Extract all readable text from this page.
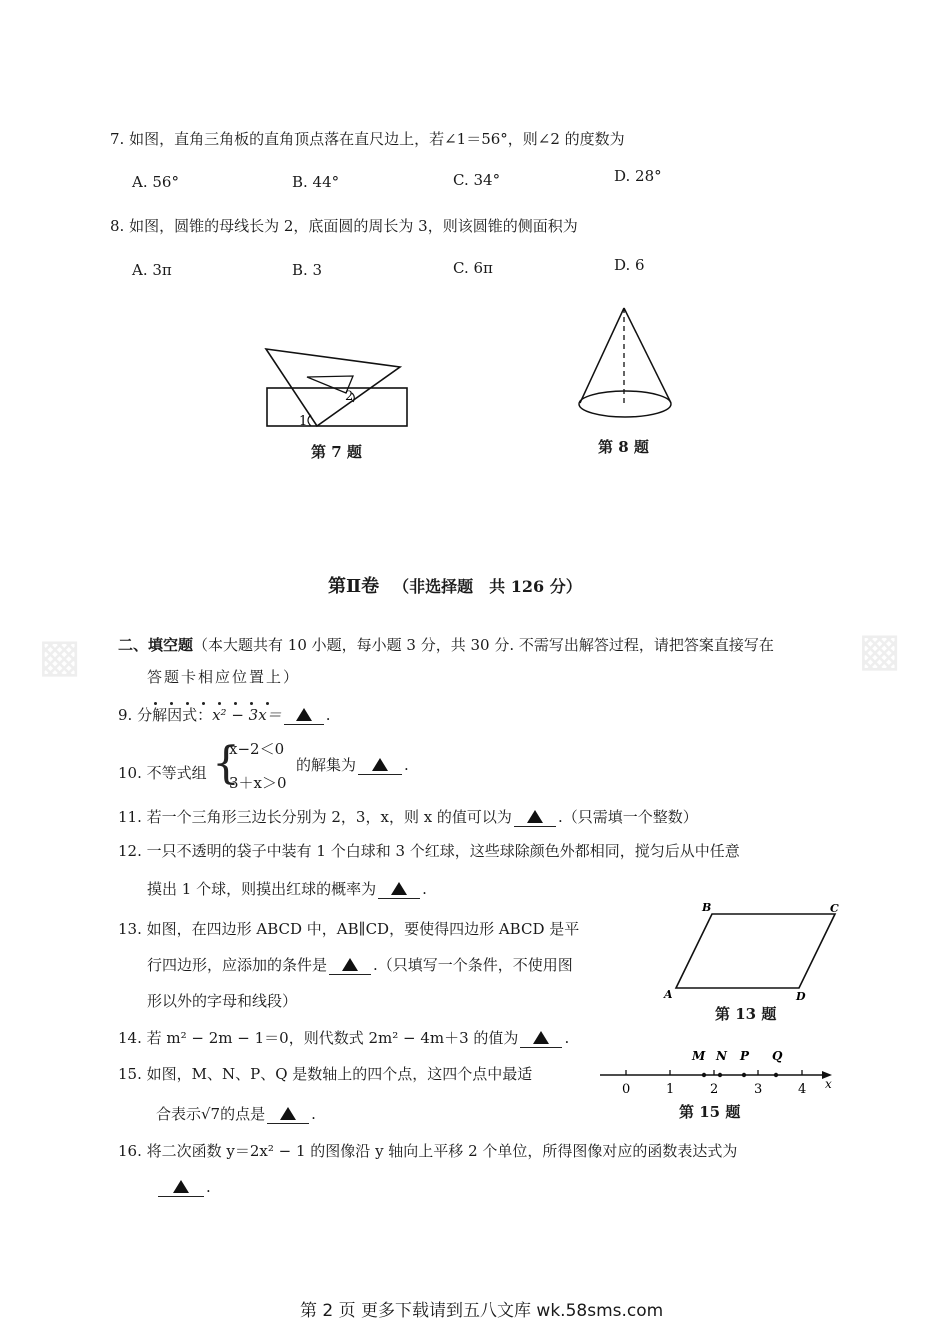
▩	▩
7. 如图，直角三角板的直角顶点落在直尺边上，若∠1＝56°，则∠2 的度数为
A. 56°	B. 44°	C. 34°	D. 28°
8. 如图，圆锥的母线长为 2，底面圆的周长为 3，则该圆锥的侧面积为
A. 3π	B. 3	C. 6π	D. 6
1
2
第 7 题	第 8 题
第Ⅱ卷 （非选择题　共 126 分）
二、填空题（本大题共有 10 小题，每小题 3 分，共 30 分. 不需写出解答过程，请把答案直接写在
答题卡相应位置上）
9. 分解因式：x² − 3x＝	.
10. 不等式组 {
x−2＜0
3＋x＞0
的解集为	.
11. 若一个三角形三边长分别为 2，3，x，则 x 的值可以为	.（只需填一个整数）
12. 一只不透明的袋子中装有 1 个白球和 3 个红球，这些球除颜色外都相同，搅匀后从中任意
摸出 1 个球，则摸出红球的概率为	.
13. 如图，在四边形 ABCD 中，AB∥CD，要使得四边形 ABCD 是平
行四边形，应添加的条件是	.（只填写一个条件，不使用图
形以外的字母和线段）
B	C
A	D
第 13 题
14. 若 m² − 2m − 1＝0，则代数式 2m² − 4m＋3 的值为	.
15. 如图，M、N、P、Q 是数轴上的四个点，这四个点中最适
合表示√7的点是	.
M N P Q
0	1	2	3	4 x
第 15 题
16. 将二次函数 y＝2x² − 1 的图像沿 y 轴向上平移 2 个单位，所得图像对应的函数表达式为
.
第 2 页 更多下载请到五八文库 wk.58sms.com
